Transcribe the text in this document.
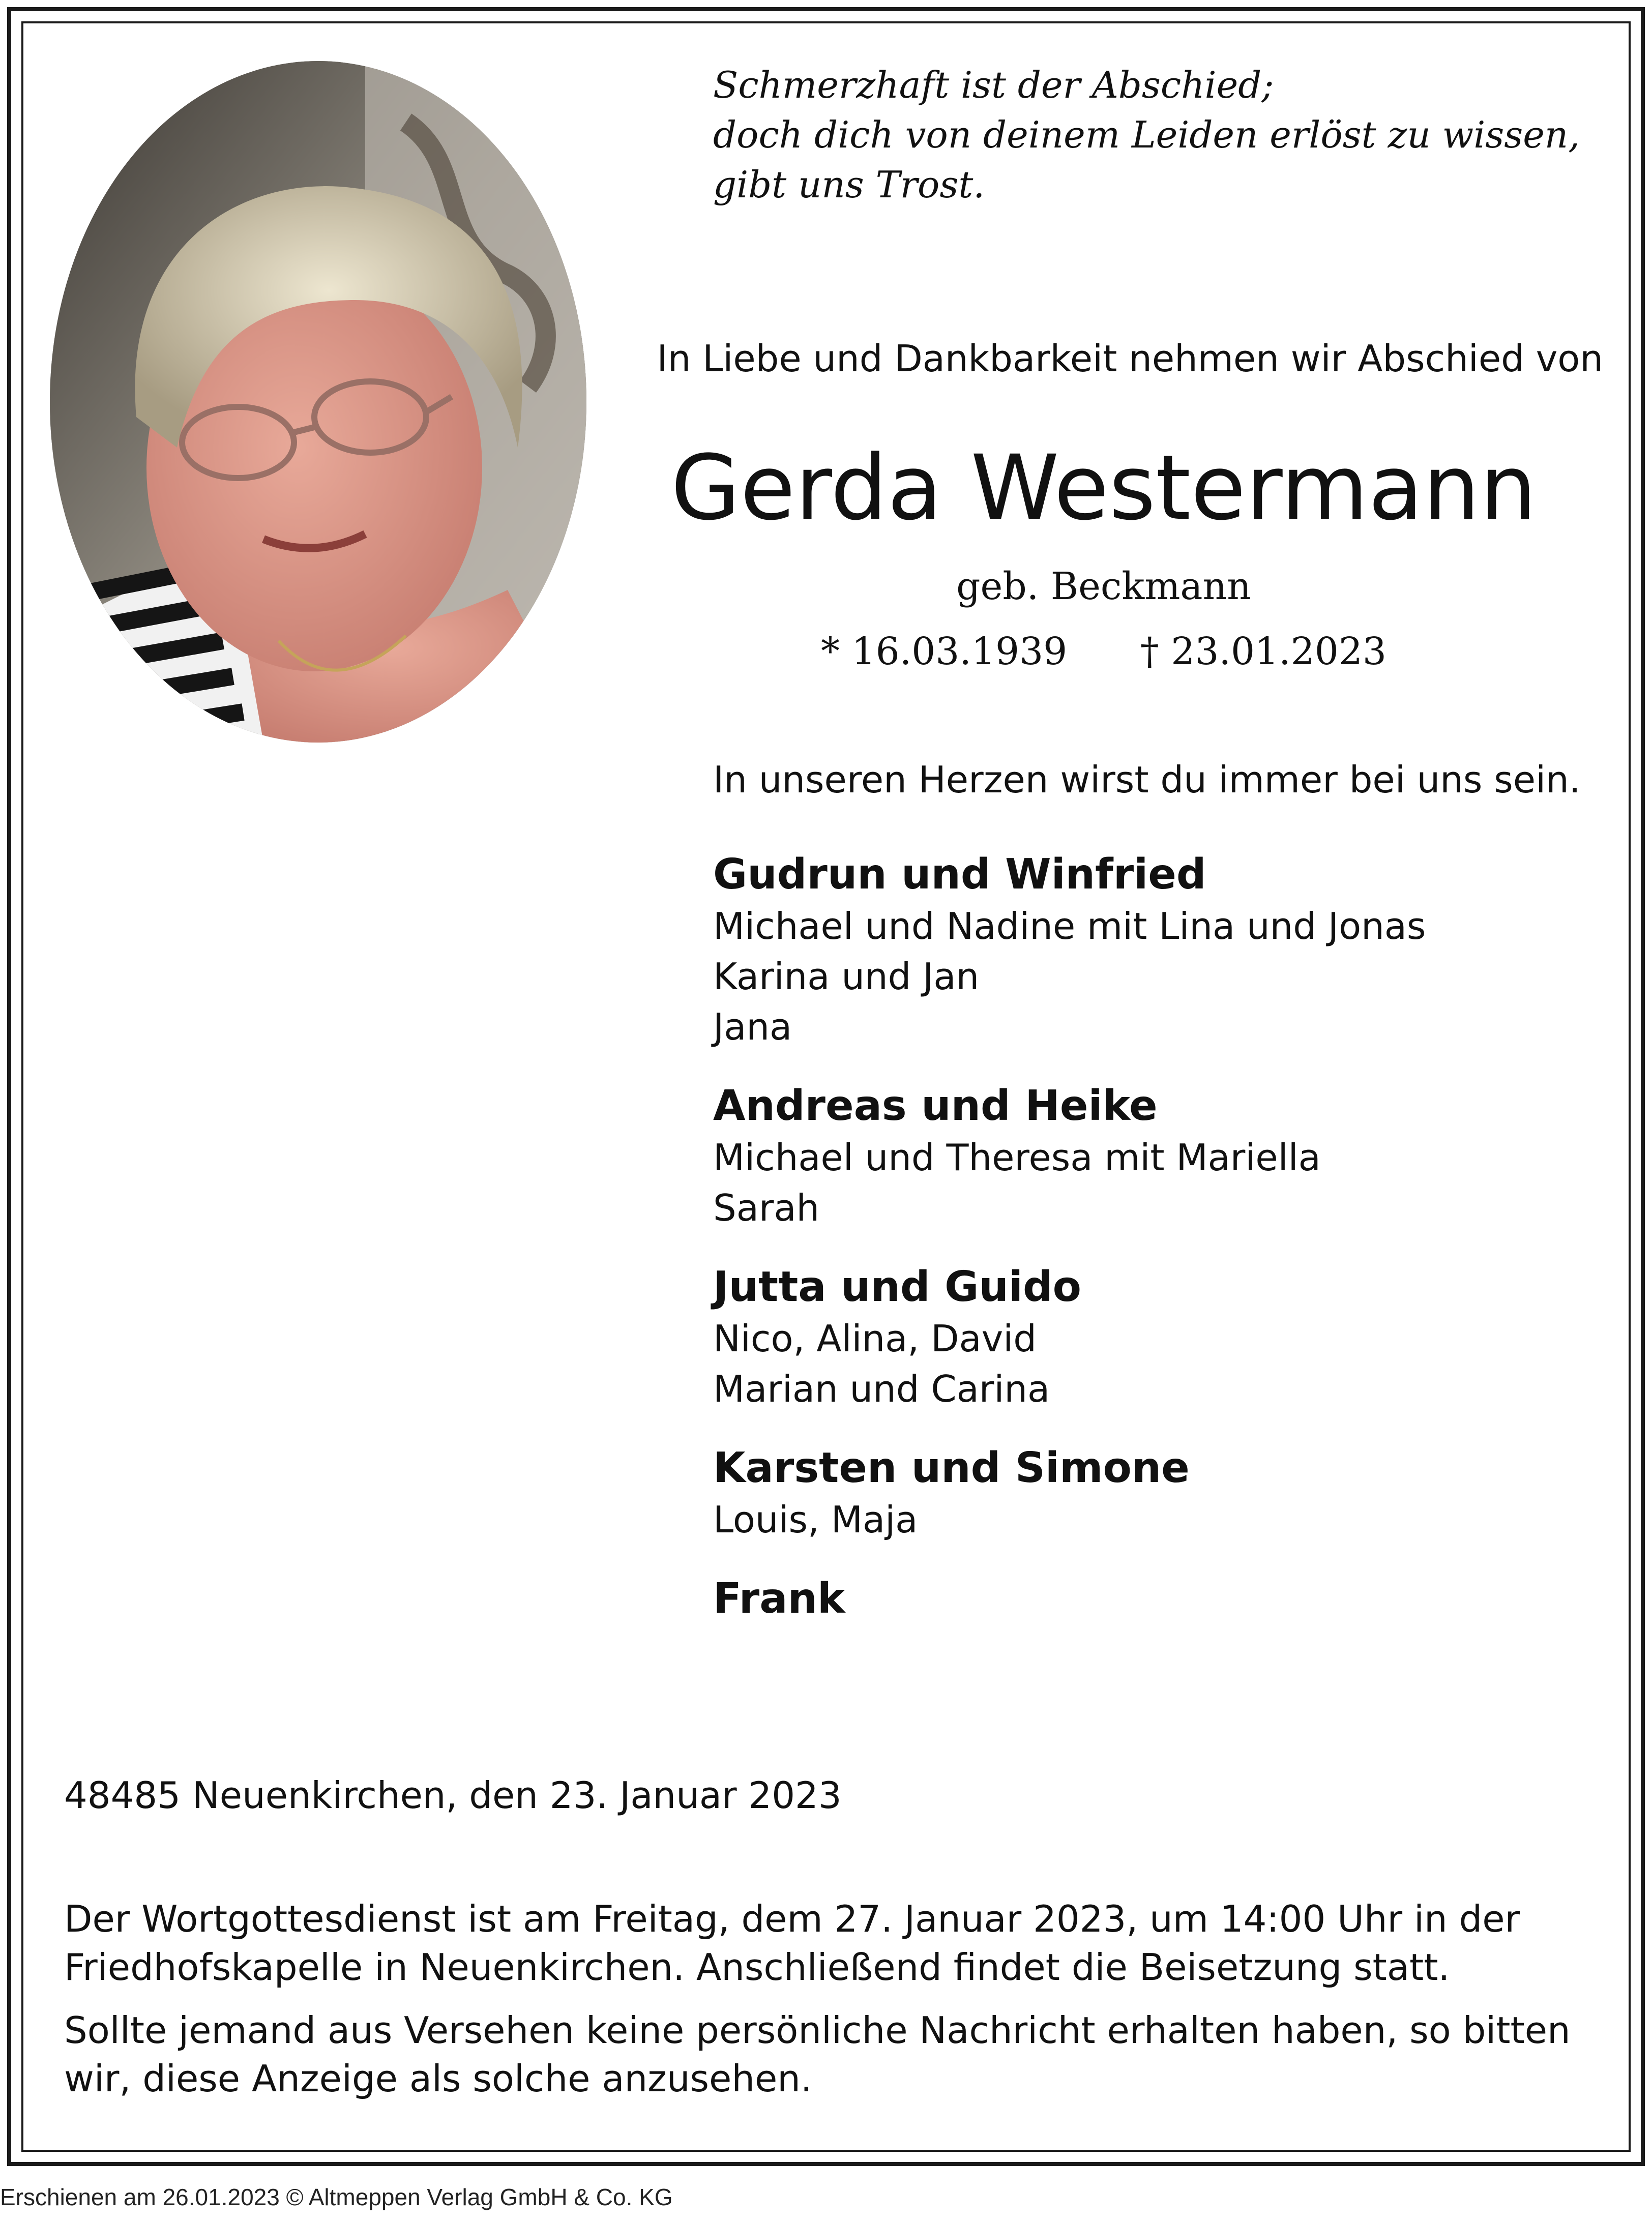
Schmerzhaft ist der Abschied;
doch dich von deinem Leiden erlöst zu wissen,
gibt uns Trost.
In Liebe und Dankbarkeit nehmen wir Abschied von
Gerda Westermann
geb. Beckmann
* 16.03.1939 † 23.01.2023
In unseren Herzen wirst du immer bei uns sein.
Gudrun und Winfried
Michael und Nadine mit Lina und Jonas
Karina und Jan
Jana
Andreas und Heike
Michael und Theresa mit Mariella
Sarah
Jutta und Guido
Nico, Alina, David
Marian und Carina
Karsten und Simone
Louis, Maja
Frank
48485 Neuenkirchen, den 23. Januar 2023
Der Wortgottesdienst ist am Freitag, dem 27. Januar 2023, um 14:00 Uhr in der
Friedhofskapelle in Neuenkirchen. Anschließend findet die Beisetzung statt.
Sollte jemand aus Versehen keine persönliche Nachricht erhalten haben, so bitten
wir, diese Anzeige als solche anzusehen.
Erschienen am 26.01.2023 © Altmeppen Verlag GmbH & Co. KG
